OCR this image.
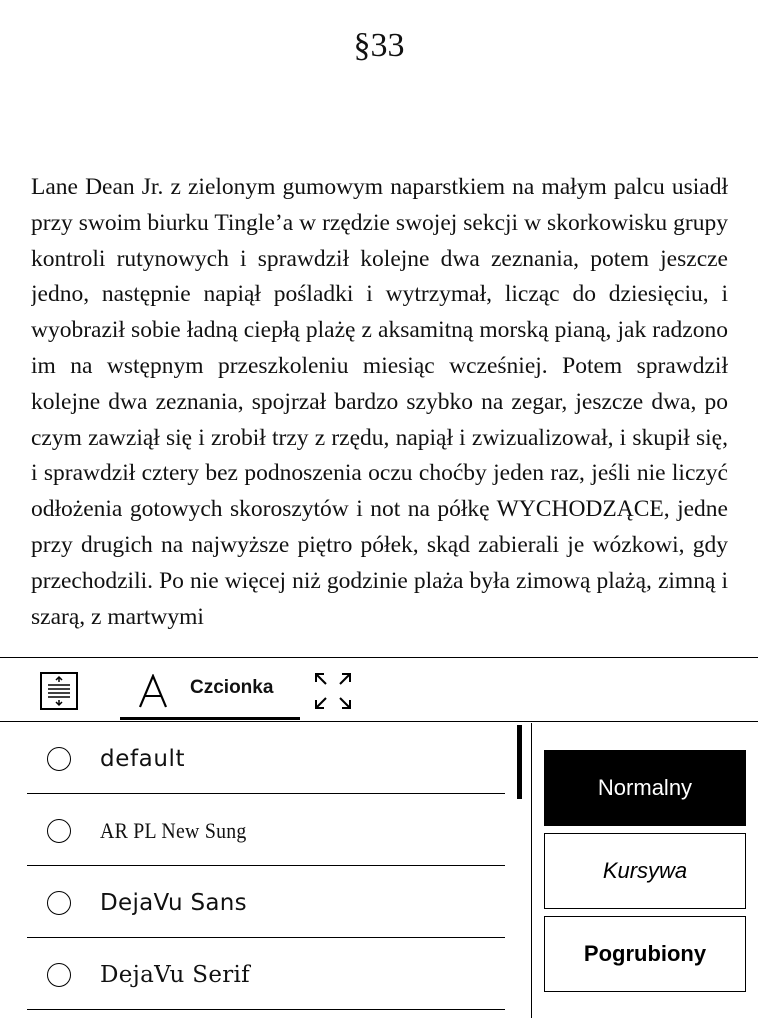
§33

Lane Dean Jr. z zielonym gumowym naparstkiem na małym palcu usiadł przy swoim biurku Tingle’a w rzędzie swojej sekcji w skorkowisku grupy kontroli rutynowych i sprawdził kolejne dwa zeznania, potem jeszcze jedno, następnie napiął pośladki i wytrzymał, licząc do dziesięciu, i wyobraził sobie ładną ciepłą plażę z aksamitną morską pianą, jak radzono im na wstępnym przeszkoleniu miesiąc wcześniej. Potem sprawdził kolejne dwa zeznania, spojrzał bardzo szybko na zegar, jeszcze dwa, po czym zawziął się i zrobił trzy z rzędu, napiął i zwizualizował, i skupił się, i sprawdził cztery bez podnoszenia oczu choćby jeden raz, jeśli nie liczyć odłożenia gotowych skoroszytów i not na półkę WYCHODZĄCE, jedne przy drugich na najwyższe piętro półek, skąd zabierali je wózkowi, gdy przechodzili. Po nie więcej niż godzinie plaża była zimową plażą, zimną i szarą, z martwymi

Czcionka
default
AR PL New Sung
DejaVu Sans
DejaVu Serif
Normalny
Kursywa
Pogrubiony
